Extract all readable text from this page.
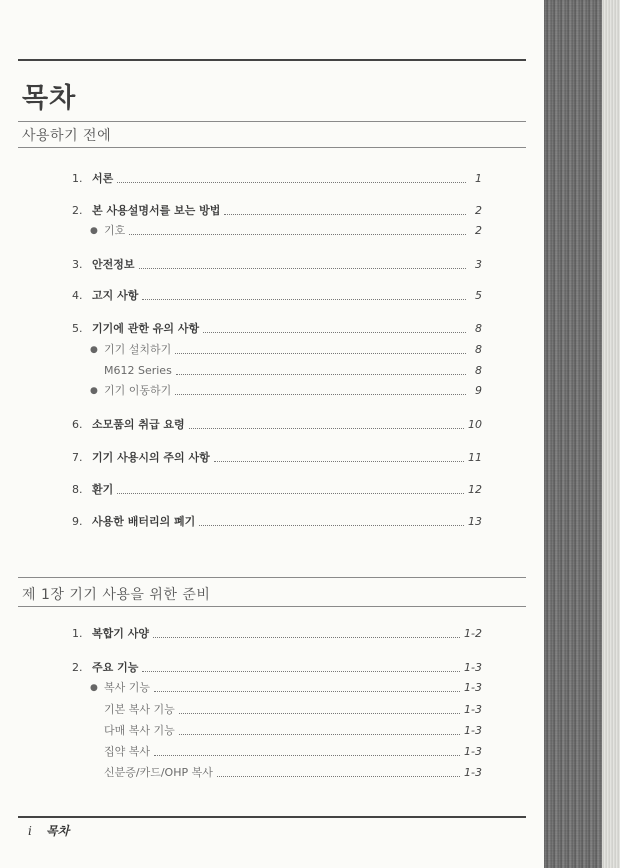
목차
사용하기 전에
1. 서론	1
2. 본 사용설명서를 보는 방법	2
● 기호	2
3. 안전정보	3
4. 고지 사항	5
5. 기기에 관한 유의 사항	8
● 기기 설치하기	8
M612 Series	8
● 기기 이동하기	9
6. 소모품의 취급 요령	10
7. 기기 사용시의 주의 사항	11
8. 환기	12
9. 사용한 배터리의 폐기	13
제 1장 기기 사용을 위한 준비
1. 복합기 사양	1-2
2. 주요 기능	1-3
● 복사 기능	1-3
기본 복사 기능	1-3
다매 복사 기능	1-3
집약 복사	1-3
신분증/카드/OHP 복사	1-3
i 목차
